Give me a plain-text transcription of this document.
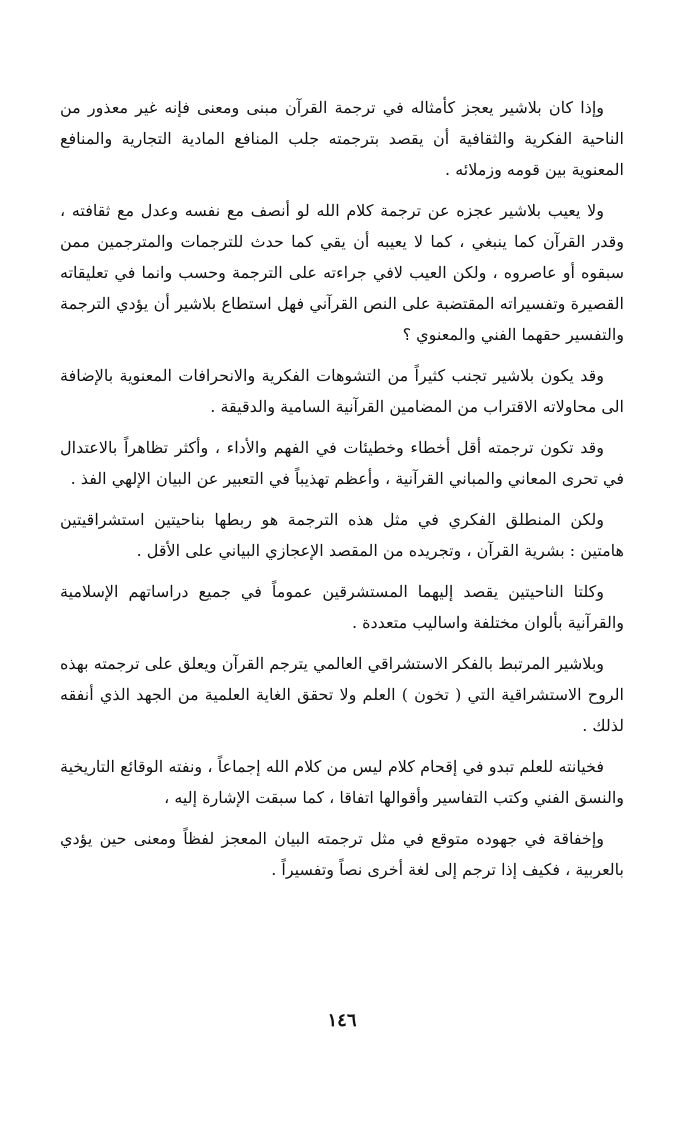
وإذا كان بلاشير يعجز كأمثاله في ترجمة القرآن مبنى ومعنى فإنه غير معذور من الناحية الفكرية والثقافية أن يقصد بترجمته جلب المنافع المادية التجارية والمنافع المعنوية بين قومه وزملائه .

ولا يعيب بلاشير عجزه عن ترجمة كلام الله لو أنصف مع نفسه وعدل مع ثقافته ، وقدر القرآن كما ينبغي ، كما لا يعيبه أن يقي كما حدث للترجمات والمترجمين ممن سبقوه أو عاصروه ، ولكن العيب لافي جراءته على الترجمة وحسب وانما في تعليقاته القصيرة وتفسيراته المقتضبة على النص القرآني فهل استطاع بلاشير أن يؤدي الترجمة والتفسير حقهما الفني والمعنوي ؟

وقد يكون بلاشير تجنب كثيراً من التشوهات الفكرية والانحرافات المعنوية بالإضافة الى محاولاته الاقتراب من المضامين القرآنية السامية والدقيقة .

وقد تكون ترجمته أقل أخطاء وخطيئات في الفهم والأداء ، وأكثر تظاهراً بالاعتدال في تحرى المعاني والمباني القرآنية ، وأعظم تهذيباً في التعبير عن البيان الإلهي الفذ .

ولكن المنطلق الفكري في مثل هذه الترجمة هو ربطها بناحيتين استشراقيتين هامتين : بشرية القرآن ، وتجريده من المقصد الإعجازي البياني على الأقل .

وكلتا الناحيتين يقصد إليهما المستشرقين عموماً في جميع دراساتهم الإسلامية والقرآنية بألوان مختلفة واساليب متعددة .

وبلاشير المرتبط بالفكر الاستشراقي العالمي يترجم القرآن ويعلق على ترجمته بهذه الروح الاستشراقية التي ( تخون ) العلم ولا تحقق الغاية العلمية من الجهد الذي أنفقه لذلك .

فخيانته للعلم تبدو في إقحام كلام ليس من كلام الله إجماعاً ، ونفته الوقائع التاريخية والنسق الفني وكتب التفاسير وأقوالها اتفاقا ، كما سبقت الإشارة إليه ،

وإخفاقة في جهوده متوقع في مثل ترجمته البيان المعجز لفظاً ومعنى حين يؤدي بالعربية ، فكيف إذا ترجم إلى لغة أخرى نصاً وتفسيراً .

١٤٦
